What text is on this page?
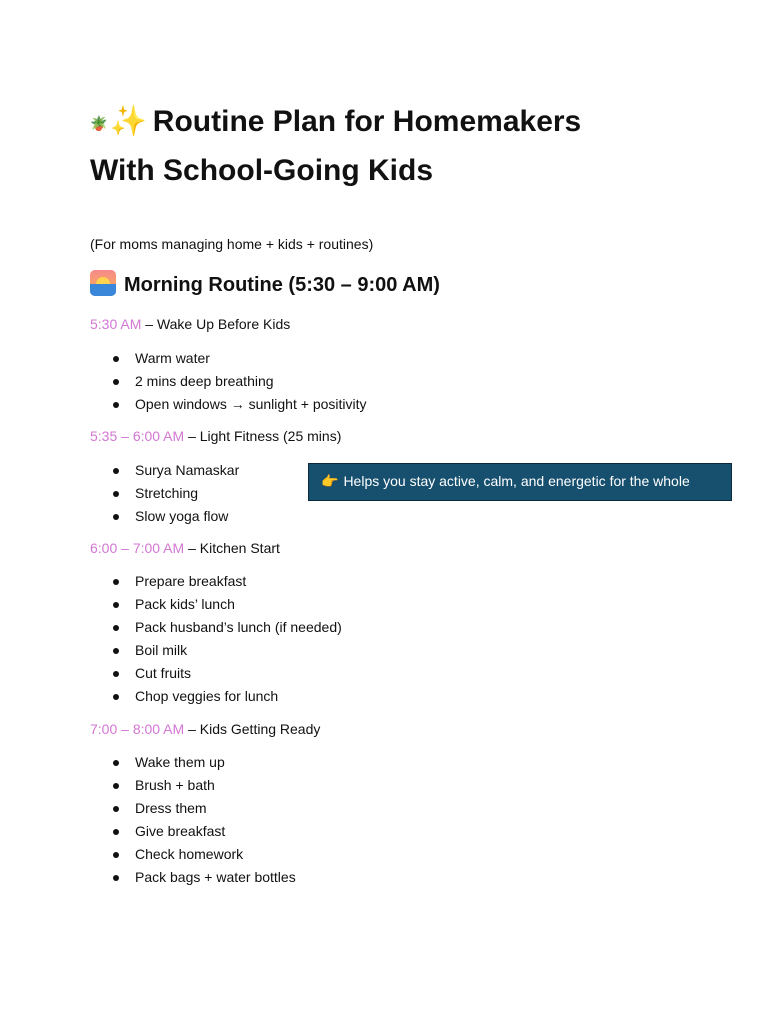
🪴✨ Routine Plan for Homemakers
With School-Going Kids

(For moms managing home + kids + routines)

Morning Routine (5:30 – 9:00 AM)

5:30 AM – Wake Up Before Kids

Warm water
2 mins deep breathing
Open windows → sunlight + positivity

5:35 – 6:00 AM – Light Fitness (25 mins)

Surya Namaskar
Stretching
Slow yoga flow

6:00 – 7:00 AM – Kitchen Start

Prepare breakfast
Pack kids’ lunch
Pack husband’s lunch (if needed)
Boil milk
Cut fruits
Chop veggies for lunch

7:00 – 8:00 AM – Kids Getting Ready

Wake them up
Brush + bath
Dress them
Give breakfast
Check homework
Pack bags + water bottles
👉 Helps you stay active, calm, and energetic for the whole
